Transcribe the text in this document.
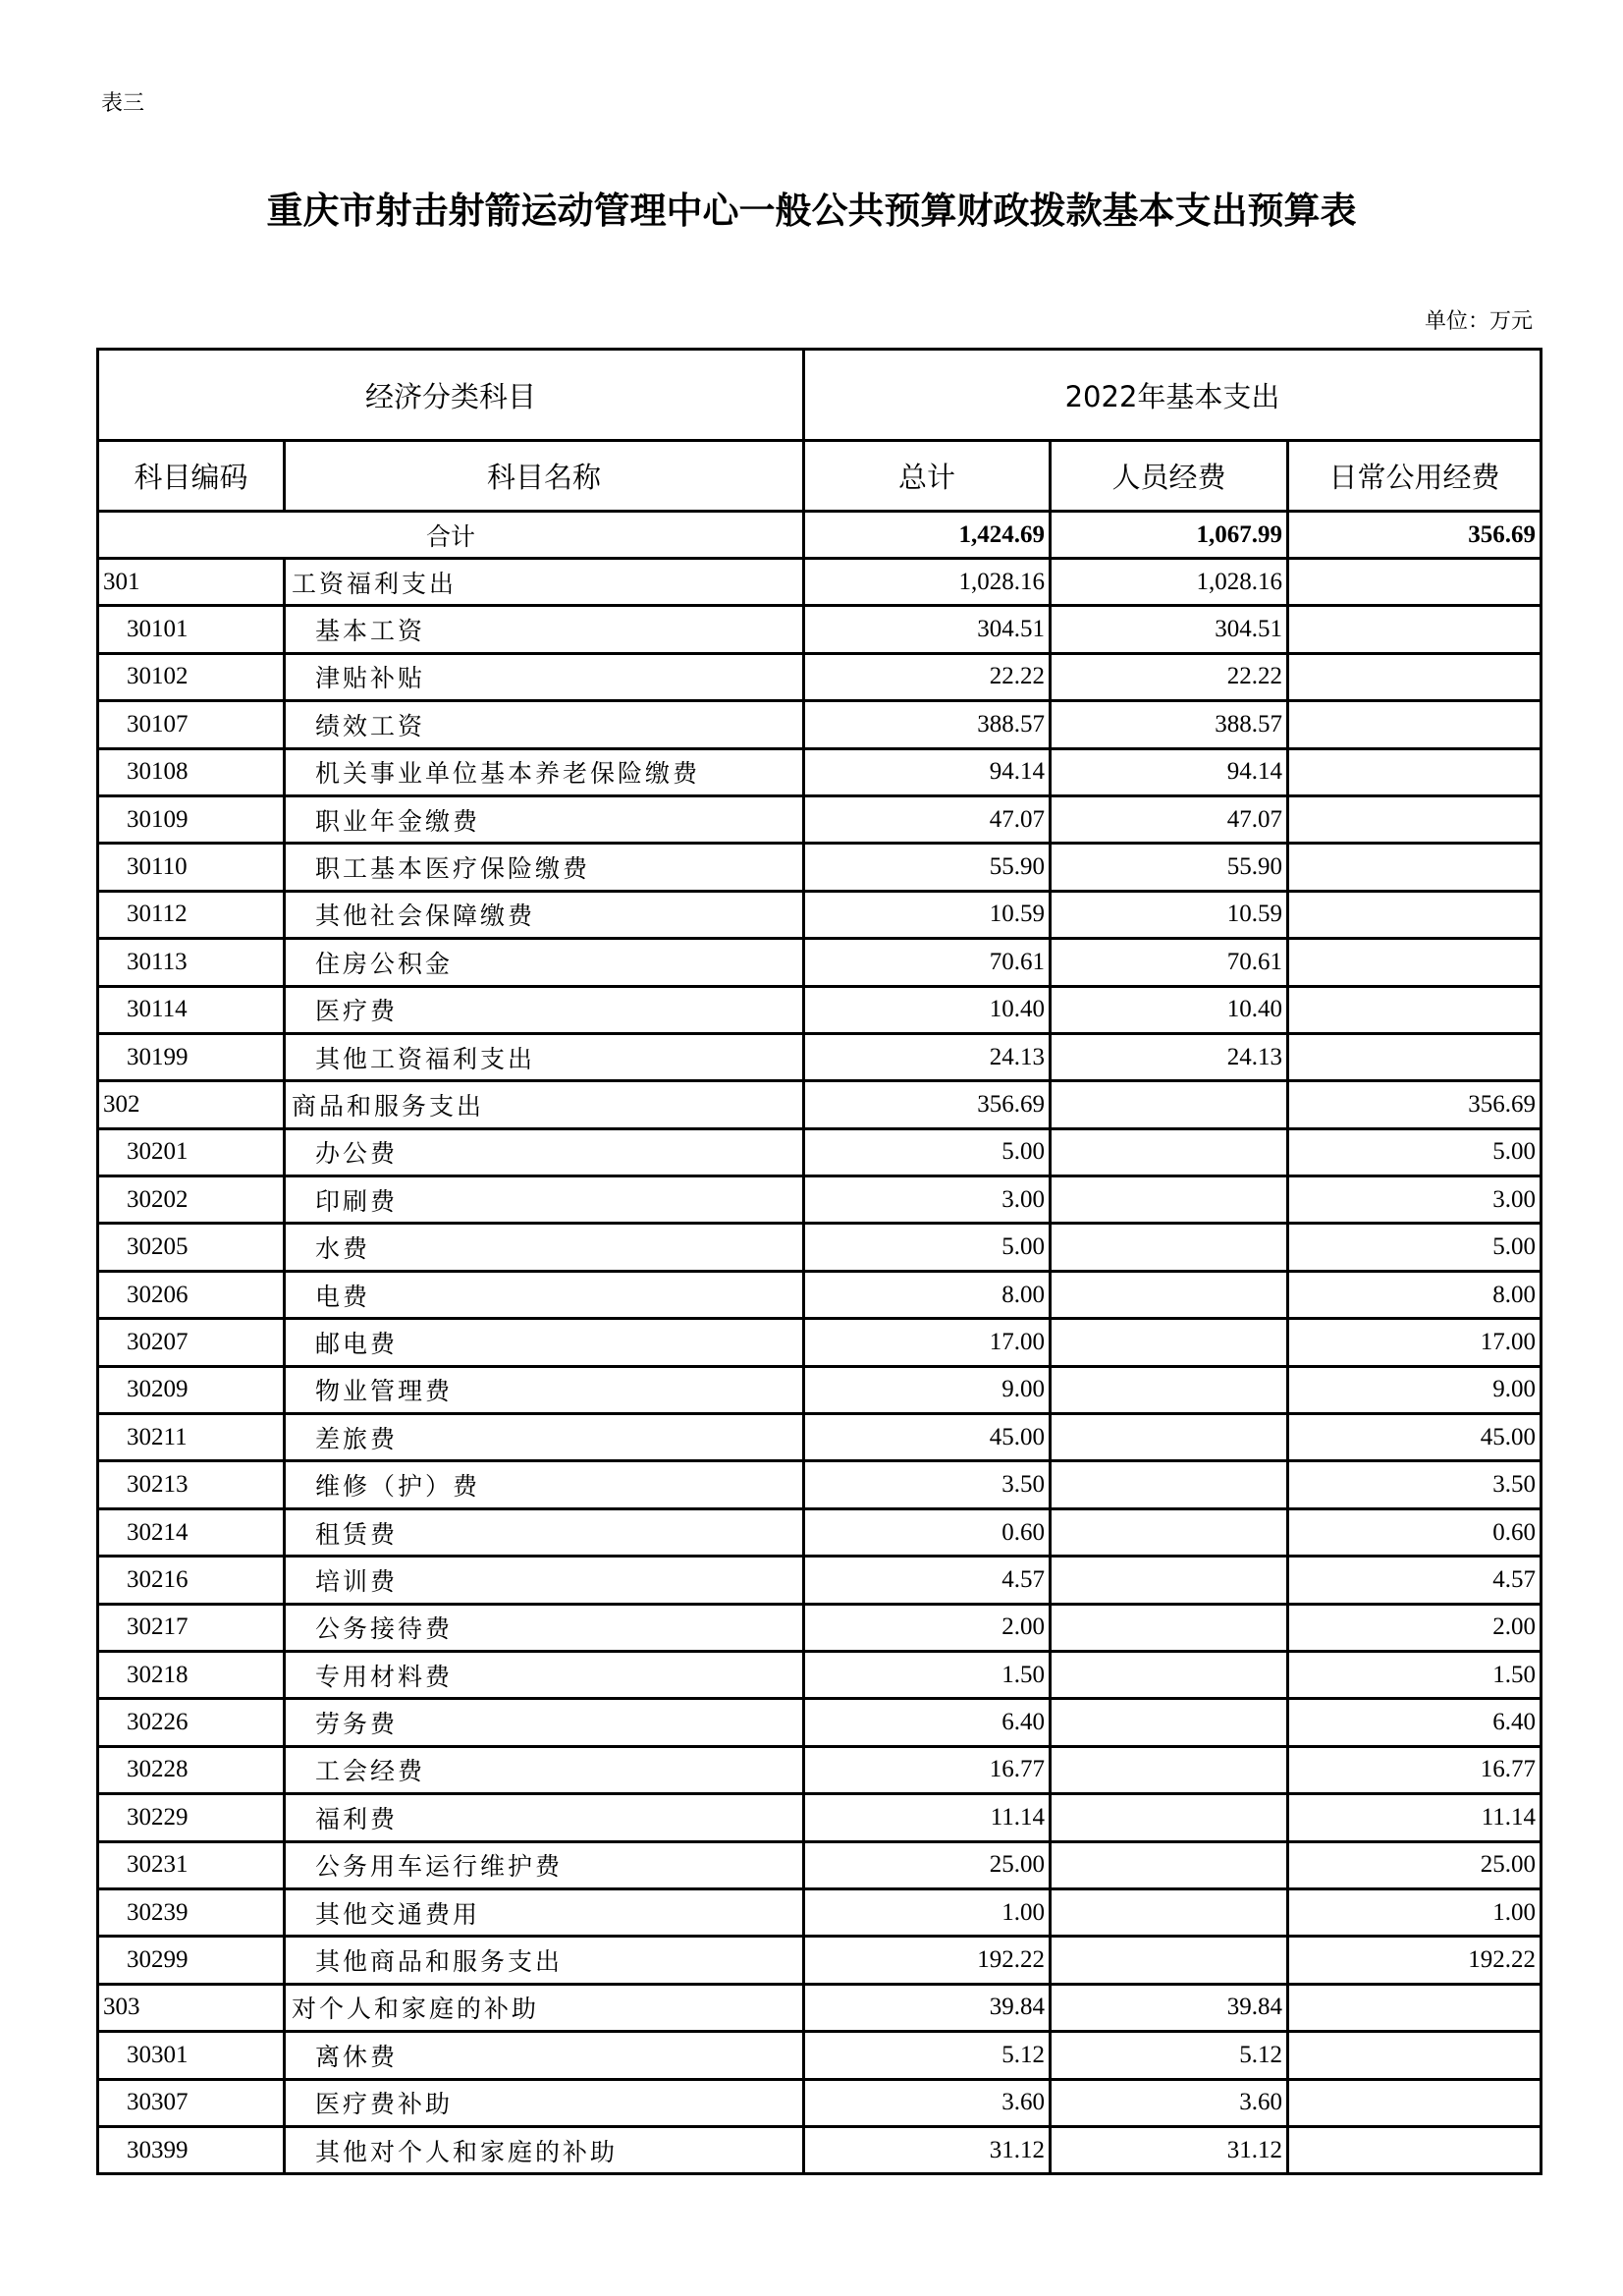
表三
重庆市射击射箭运动管理中心一般公共预算财政拨款基本支出预算表
单位：万元
经济分类科目		2022年基本支出		
科目编码	科目名称	总计	人员经费	日常公用经费
合计		1,424.69	1,067.99	356.69
301	工资福利支出	1,028.16	1,028.16	
30101	基本工资	304.51	304.51	
30102	津贴补贴	22.22	22.22	
30107	绩效工资	388.57	388.57	
30108	机关事业单位基本养老保险缴费	94.14	94.14	
30109	职业年金缴费	47.07	47.07	
30110	职工基本医疗保险缴费	55.90	55.90	
30112	其他社会保障缴费	10.59	10.59	
30113	住房公积金	70.61	70.61	
30114	医疗费	10.40	10.40	
30199	其他工资福利支出	24.13	24.13	
302	商品和服务支出	356.69		356.69
30201	办公费	5.00		5.00
30202	印刷费	3.00		3.00
30205	水费	5.00		5.00
30206	电费	8.00		8.00
30207	邮电费	17.00		17.00
30209	物业管理费	9.00		9.00
30211	差旅费	45.00		45.00
30213	维修（护）费	3.50		3.50
30214	租赁费	0.60		0.60
30216	培训费	4.57		4.57
30217	公务接待费	2.00		2.00
30218	专用材料费	1.50		1.50
30226	劳务费	6.40		6.40
30228	工会经费	16.77		16.77
30229	福利费	11.14		11.14
30231	公务用车运行维护费	25.00		25.00
30239	其他交通费用	1.00		1.00
30299	其他商品和服务支出	192.22		192.22
303	对个人和家庭的补助	39.84	39.84	
30301	离休费	5.12	5.12	
30307	医疗费补助	3.60	3.60	
30399	其他对个人和家庭的补助	31.12	31.12	
